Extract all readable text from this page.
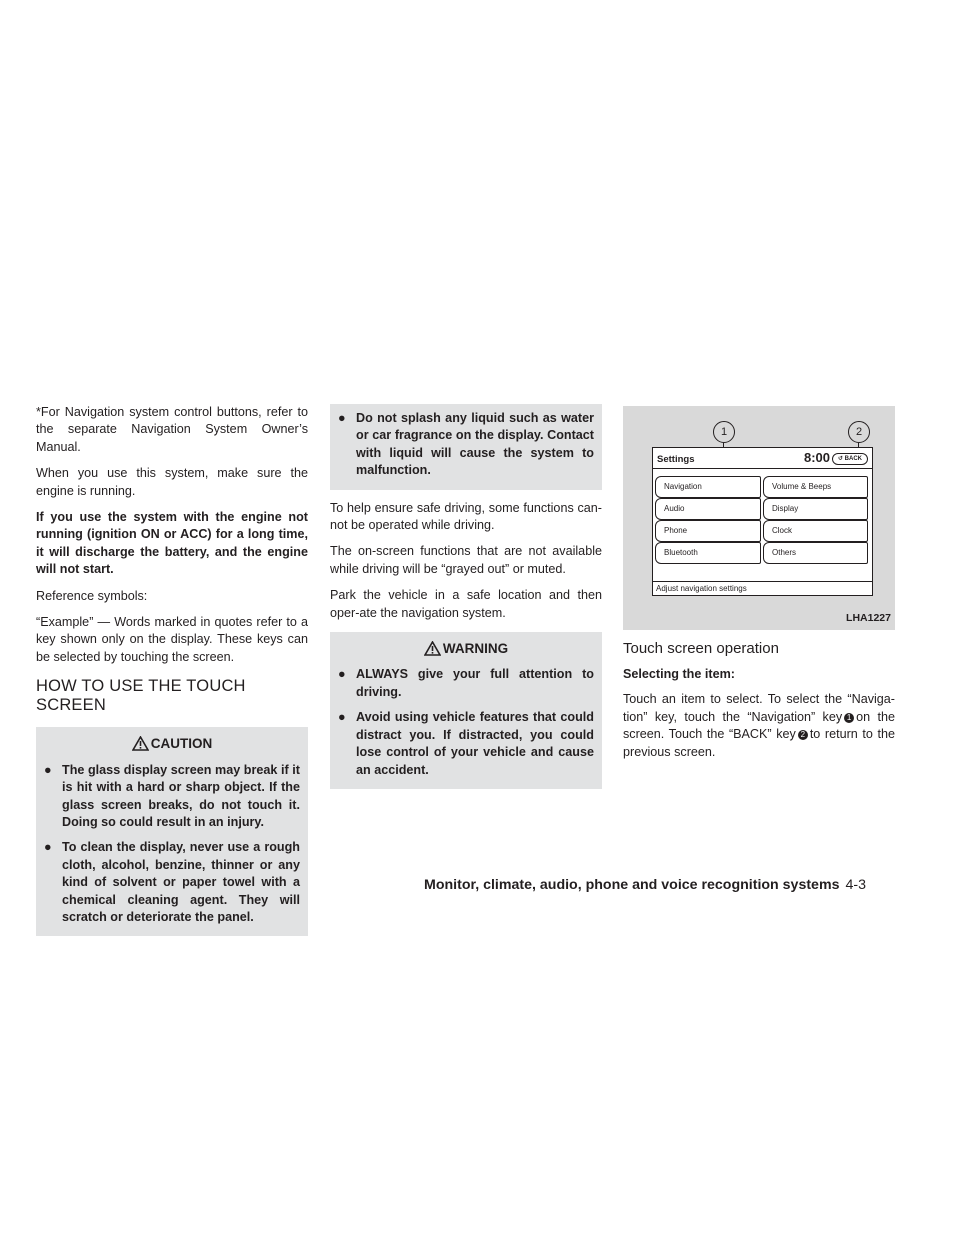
*For Navigation system control buttons, refer to the separate Navigation System Owner’s Manual.

When you use this system, make sure the engine is running.

If you use the system with the engine not running (ignition ON or ACC) for a long time, it will discharge the battery, and the engine will not start.

Reference symbols:

“Example” — Words marked in quotes refer to a key shown only on the display. These keys can be selected by touching the screen.

HOW TO USE THE TOUCH
SCREEN
CAUTION
● The glass display screen may break if it is hit with a hard or sharp object. If the glass screen breaks, do not touch it. Doing so could result in an injury.
● To clean the display, never use a rough cloth, alcohol, benzine, thinner or any kind of solvent or paper towel with a chemical cleaning agent. They will scratch or deteriorate the panel.
● Do not splash any liquid such as water or car fragrance on the display. Contact with liquid will cause the system to malfunction.

To help ensure safe driving, some functions can-not be operated while driving.

The on-screen functions that are not available while driving will be “grayed out” or muted.

Park the vehicle in a safe location and then oper-ate the navigation system.

WARNING
● ALWAYS give your full attention to driving.
● Avoid using vehicle features that could distract you. If distracted, you could lose control of your vehicle and cause an accident.
1	2
Settings	8:00	↺ BACK
Navigation
Audio
Phone
Bluetooth
Volume & Beeps
Display
Clock
Others
Adjust navigation settings
LHA1227
Touch screen operation
Selecting the item:

Touch an item to select. To select the “Naviga-tion” key, touch the “Navigation” key 1 on the screen. Touch the “BACK” key 2 to return to the previous screen.

Monitor, climate, audio, phone and voice recognition systems 4-3
